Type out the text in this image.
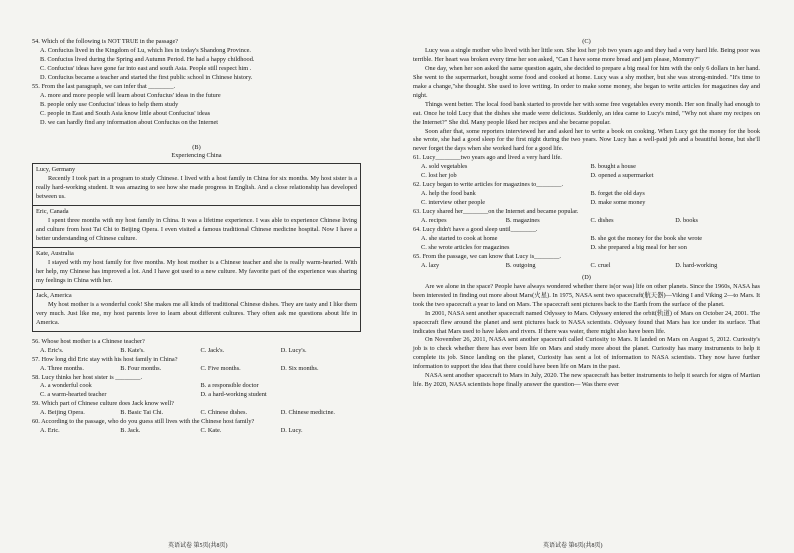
54. Which of the following is NOT TRUE in the passage?
A. Confucius lived in the Kingdom of Lu, which lies in today's Shandong Province.
B. Confucius lived during the Spring and Autumn Period. He had a happy childhood.
C. Confucius' ideas have gone far into east and south Asia. People still respect him .
D. Confucius became a teacher and started the first public school in Chinese history.
55. From the last paragraph, we can infer that ________.
A. more and more people will learn about Confucius' ideas in the future
B. people only use Confucius' ideas to help them study
C. people in East and South Asia know little about Confucius' ideas
D. we can hardly find any information about Confucius on the Internet
(B)
Experiencing China
Lucy, Germany

Recently I took part in a program to study Chinese. I lived with a host family in China for six months. My host sister is a really hard-working student. It was amazing to see how she made progress in English. And a close relationship has developed between us.

Eric, Canada

I spent three months with my host family in China. It was a lifetime experience. I was able to experience Chinese living and culture from host Tai Chi to Beijing Opera. I even visited a famous traditional Chinese medicine hospital. Now I have a better understanding of Chinese culture.

Kate, Australia

I stayed with my host family for five months. My host mother is a Chinese teacher and she is really warm-hearted. With her help, my Chinese has improved a lot. And I have got used to a new culture. My favorite part of the experience was sharing my feelings in China with her.

Jack, America

My host mother is a wonderful cook! She makes me all kinds of traditional Chinese dishes. They are tasty and I like them very much. Just like me, my host parents love to learn about different cultures. They often ask me questions about life in America.

56. Whose host mother is a Chinese teacher?
A. Eric's.	B. Kate's.	C. Jack's.	D. Lucy's.
57. How long did Eric stay with his host family in China?
A. Three months.	B. Four months.	C. Five months.	D. Six months.
58. Lucy thinks her host sister is ________.
A. a wonderful cook	B. a responsible doctor
C. a warm-hearted teacher	D. a hard-working student
59. Which part of Chinese culture does Jack know well?
A. Beijing Opera.	B. Basic Tai Chi.	C. Chinese dishes.	D. Chinese medicine.
60. According to the passage, who do you guess still lives with the Chinese host family?
A. Eric.	B. Jack.	C. Kate.	D. Lucy.
英语试卷 第5页(共8页)
(C)

Lucy was a single mother who lived with her little son. She lost her job two years ago and they had a very hard life. Being poor was terrible. Her heart was broken every time her son asked, "Can I have some more bread and jam please, Mommy?"

One day, when her son asked the same question again, she decided to prepare a big meal for him with the only 6 dollars in her hand. She went to the supermarket, bought some food and cooked at home. Lucy was a shy mother, but she was strong-minded. "It's time to make a change,"she thought. She used to love writing. In order to make some money, she began to write articles for magazines day and night.

Things went better. The local food bank started to provide her with some free vegetables every month. Her son finally had enough to eat. Once he told Lucy that the dishes she made were delicious. Suddenly, an idea came to Lucy's mind, "Why not share my recipes on the Internet?" She did. Many people liked her recipes and she became popular.

Soon after that, some reporters interviewed her and asked her to write a book on cooking. When Lucy got the money for the book she wrote, she had a good sleep for the first night during the two years. Now Lucy has a well-paid job and a beautiful home, but she'll never forget the days when she worked hard for a good life.

61. Lucy________two years ago and lived a very hard life.
A. sold vegetables	B. bought a house
C. lost her job	D. opened a supermarket
62. Lucy began to write articles for magazines to________.
A. help the food bank	B. forget the old days
C. interview other people	D. make some money
63. Lucy shared her________on the Internet and became popular.
A. recipes	B. magazines	C. dishes	D. books
64. Lucy didn't have a good sleep until________.
A. she started to cook at home	B. she got the money for the book she wrote
C. she wrote articles for magazines	D. she prepared a big meal for her son
65. From the passage, we can know that Lucy is________.
A. lazy	B. outgoing	C. cruel	D. hard-working
(D)

Are we alone in the space? People have always wondered whether there is(or was) life on other planets. Since the 1960s, NASA has been interested in finding out more about Mars(火星). In 1975, NASA sent two spacecraft(航天器)—Viking I and Viking 2—to Mars. It took the two spacecraft a year to land on Mars. The spacecraft sent pictures back to the Earth from the surface of the planet.

In 2001, NASA sent another spacecraft named Odyssey to Mars. Odyssey entered the orbit(轨道) of Mars on October 24, 2001. The spacecraft flew around the planet and sent pictures back to NASA scientists. Odyssey found that Mars has ice under its surface. That indicates that Mars used to have lakes and rivers. If there was water, there might also have been life.

On November 26, 2011, NASA sent another spacecraft called Curiosity to Mars. It landed on Mars on August 5, 2012. Curiosity's job is to check whether there has ever been life on Mars and study more about the planet. Curiosity has many instruments to help it complete its job. Since landing on the planet, Curiosity has sent a lot of information to NASA scientists. They now have further information to support the idea that there could have been life on Mars in the past.

NASA sent another spacecraft to Mars in July, 2020. The new spacecraft has better instruments to help it search for signs of Martian life. By 2020, NASA scientists hope finally answer the question— Was there ever

英语试卷 第6页(共8页)
